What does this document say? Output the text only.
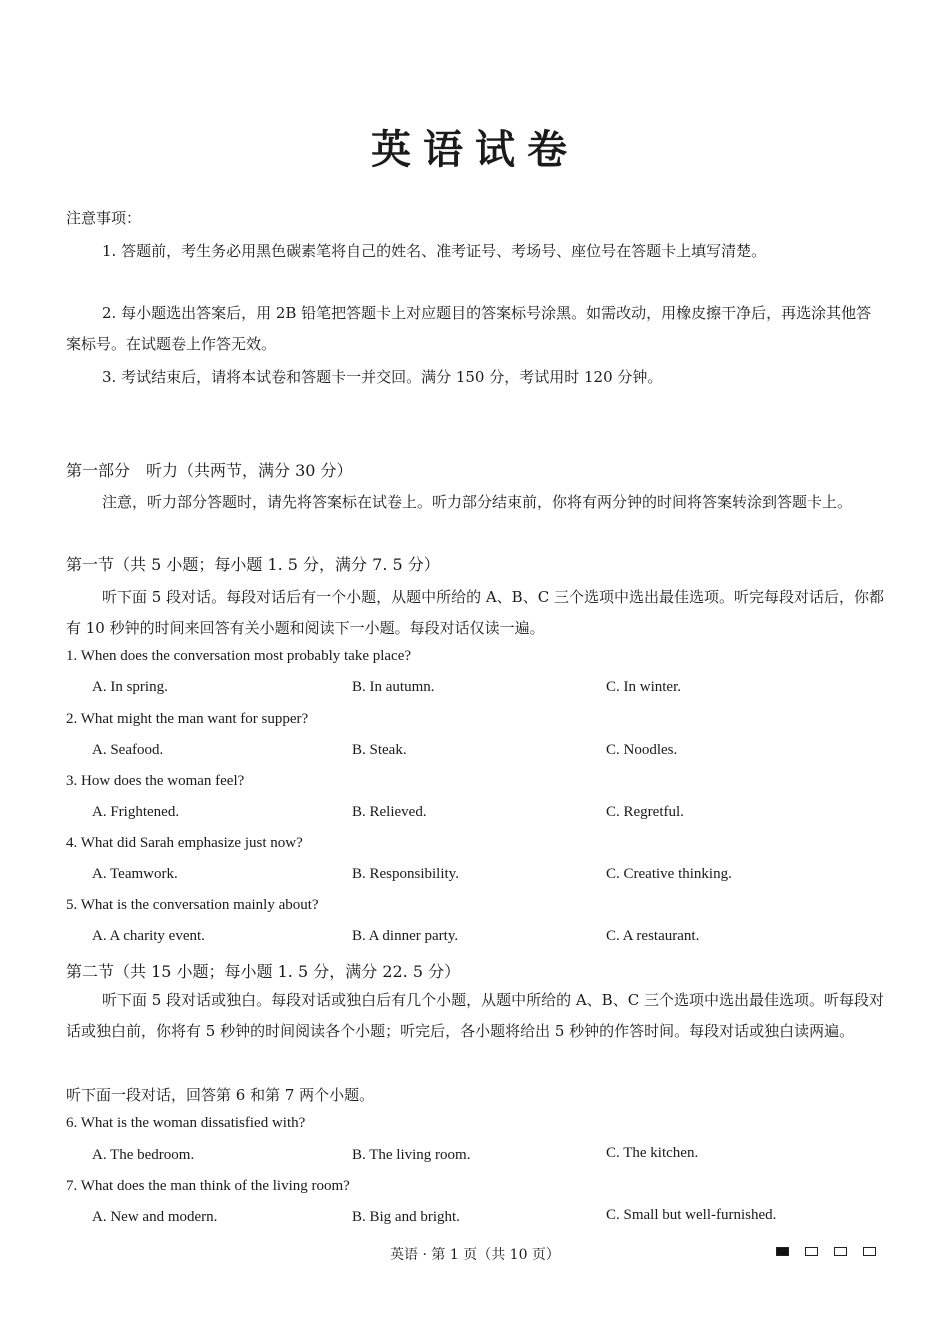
英语试卷
注意事项：
1. 答题前，考生务必用黑色碳素笔将自己的姓名、准考证号、考场号、座位号在答题卡上填写清楚。
2. 每小题选出答案后，用 2B 铅笔把答题卡上对应题目的答案标号涂黑。如需改动，用橡皮擦干净后，再选涂其他答案标号。在试题卷上作答无效。
3. 考试结束后，请将本试卷和答题卡一并交回。满分 150 分，考试用时 120 分钟。
第一部分　听力（共两节，满分 30 分）
注意，听力部分答题时，请先将答案标在试卷上。听力部分结束前，你将有两分钟的时间将答案转涂到答题卡上。
第一节（共 5 小题；每小题 1. 5 分，满分 7. 5 分）
听下面 5 段对话。每段对话后有一个小题，从题中所给的 A、B、C 三个选项中选出最佳选项。听完每段对话后，你都有 10 秒钟的时间来回答有关小题和阅读下一小题。每段对话仅读一遍。
1. When does the conversation most probably take place?
A. In spring.	B. In autumn.	C. In winter.
2. What might the man want for supper?
A. Seafood.	B. Steak.	C. Noodles.
3. How does the woman feel?
A. Frightened.	B. Relieved.	C. Regretful.
4. What did Sarah emphasize just now?
A. Teamwork.	B. Responsibility.	C. Creative thinking.
5. What is the conversation mainly about?
A. A charity event.	B. A dinner party.	C. A restaurant.
第二节（共 15 小题；每小题 1. 5 分，满分 22. 5 分）
听下面 5 段对话或独白。每段对话或独白后有几个小题，从题中所给的 A、B、C 三个选项中选出最佳选项。听每段对话或独白前，你将有 5 秒钟的时间阅读各个小题；听完后，各小题将给出 5 秒钟的作答时间。每段对话或独白读两遍。
听下面一段对话，回答第 6 和第 7 两个小题。
6. What is the woman dissatisfied with?
A. The bedroom.	B. The living room.	C. The kitchen.
7. What does the man think of the living room?
A. New and modern.	B. Big and bright.	C. Small but well-furnished.
英语 · 第 1 页（共 10 页）
